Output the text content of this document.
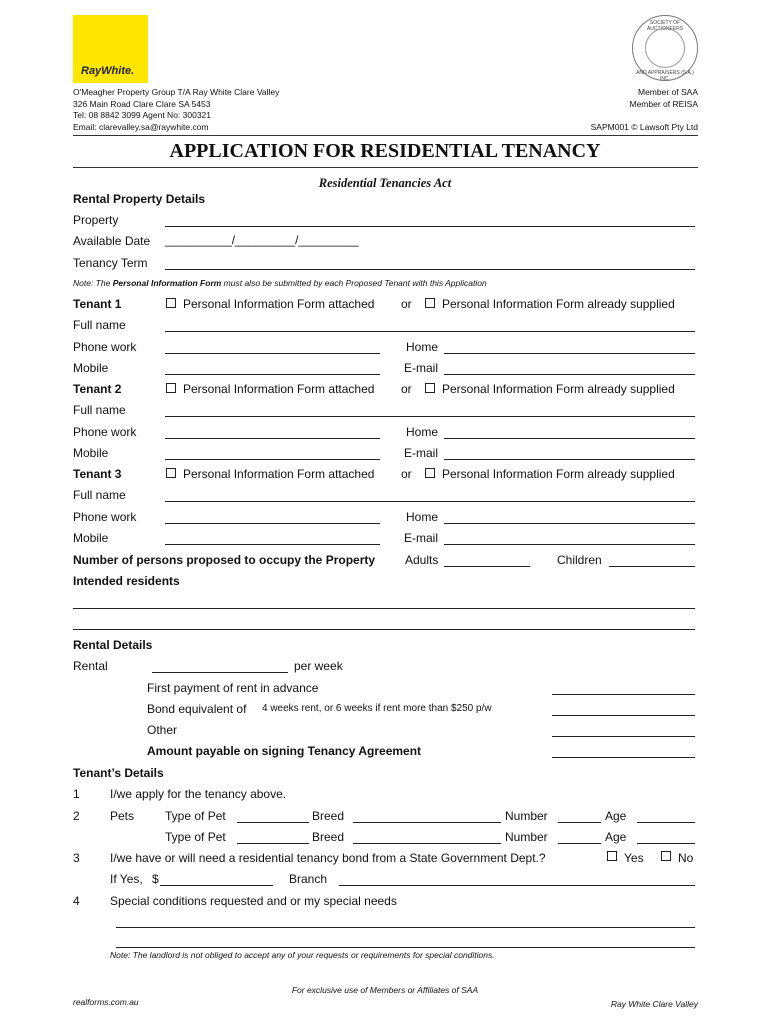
RayWhite.
O'Meagher Property Group T/A Ray White Clare Valley
326 Main Road Clare Clare SA 5453
Tel: 08 8842 3099 Agent No: 300321
Email: clarevalley.sa@raywhite.com
SOCIETY OF AUCTIONEERS
AND APPRAISERS (S.A.) INC.
Member of SAA
Member of REISA
SAPM001 © Lawsoft Pty Ltd
APPLICATION FOR RESIDENTIAL TENANCY
Residential Tenancies Act
Rental Property Details
Property
Available Date __________/_________/_________
Tenancy Term
Note: The Personal Information Form must also be submitted by each Proposed Tenant with this Application
Tenant 1	Personal Information Form attached or	Personal Information Form already supplied
Full name
Phone work	Home
Mobile	E-mail
Tenant 2	Personal Information Form attached or	Personal Information Form already supplied
Full name
Phone work	Home
Mobile	E-mail
Tenant 3	Personal Information Form attached or	Personal Information Form already supplied
Full name
Phone work	Home
Mobile	E-mail
Number of persons proposed to occupy the Property Adults	Children
Intended residents
Rental Details
Rental	per week
First payment of rent in advance
Bond equivalent of 4 weeks rent, or 6 weeks if rent more than $250 p/w
Other
Amount payable on signing Tenancy Agreement
Tenant’s Details
1	I/we apply for the tenancy above.
2	Pets	Type of Pet	Breed	Number	Age
Type of Pet	Breed	Number	Age
3	I/we have or will need a residential tenancy bond from a State Government Dept.?	Yes	No
If Yes, $	Branch
4	Special conditions requested and or my special needs
Note: The landlord is not obliged to accept any of your requests or requirements for special conditions.
For exclusive use of Members or Affiliates of SAA
realforms.com.au	Ray White Clare Valley
